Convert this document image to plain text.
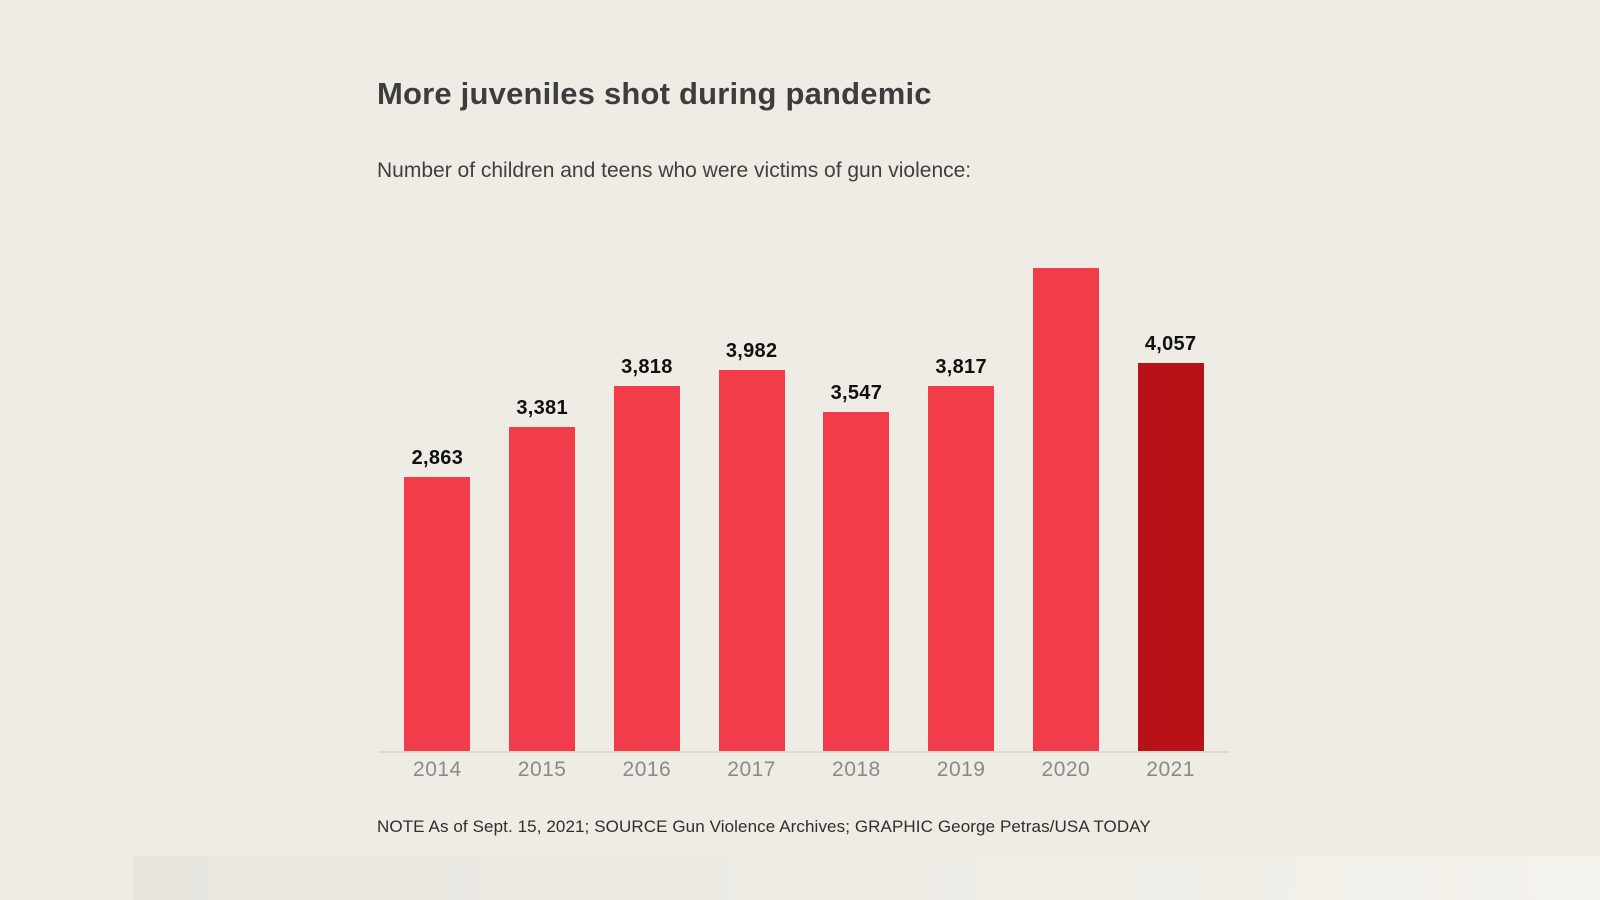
More juveniles shot during pandemic

Number of children and teens who were victims of gun violence:

2,863
3,381
3,818
3,982
3,547
3,817
4,057
2014	2015	2016	2017	2018	2019	2020	2021

NOTE As of Sept. 15, 2021; SOURCE Gun Violence Archives; GRAPHIC George Petras/USA TODAY
